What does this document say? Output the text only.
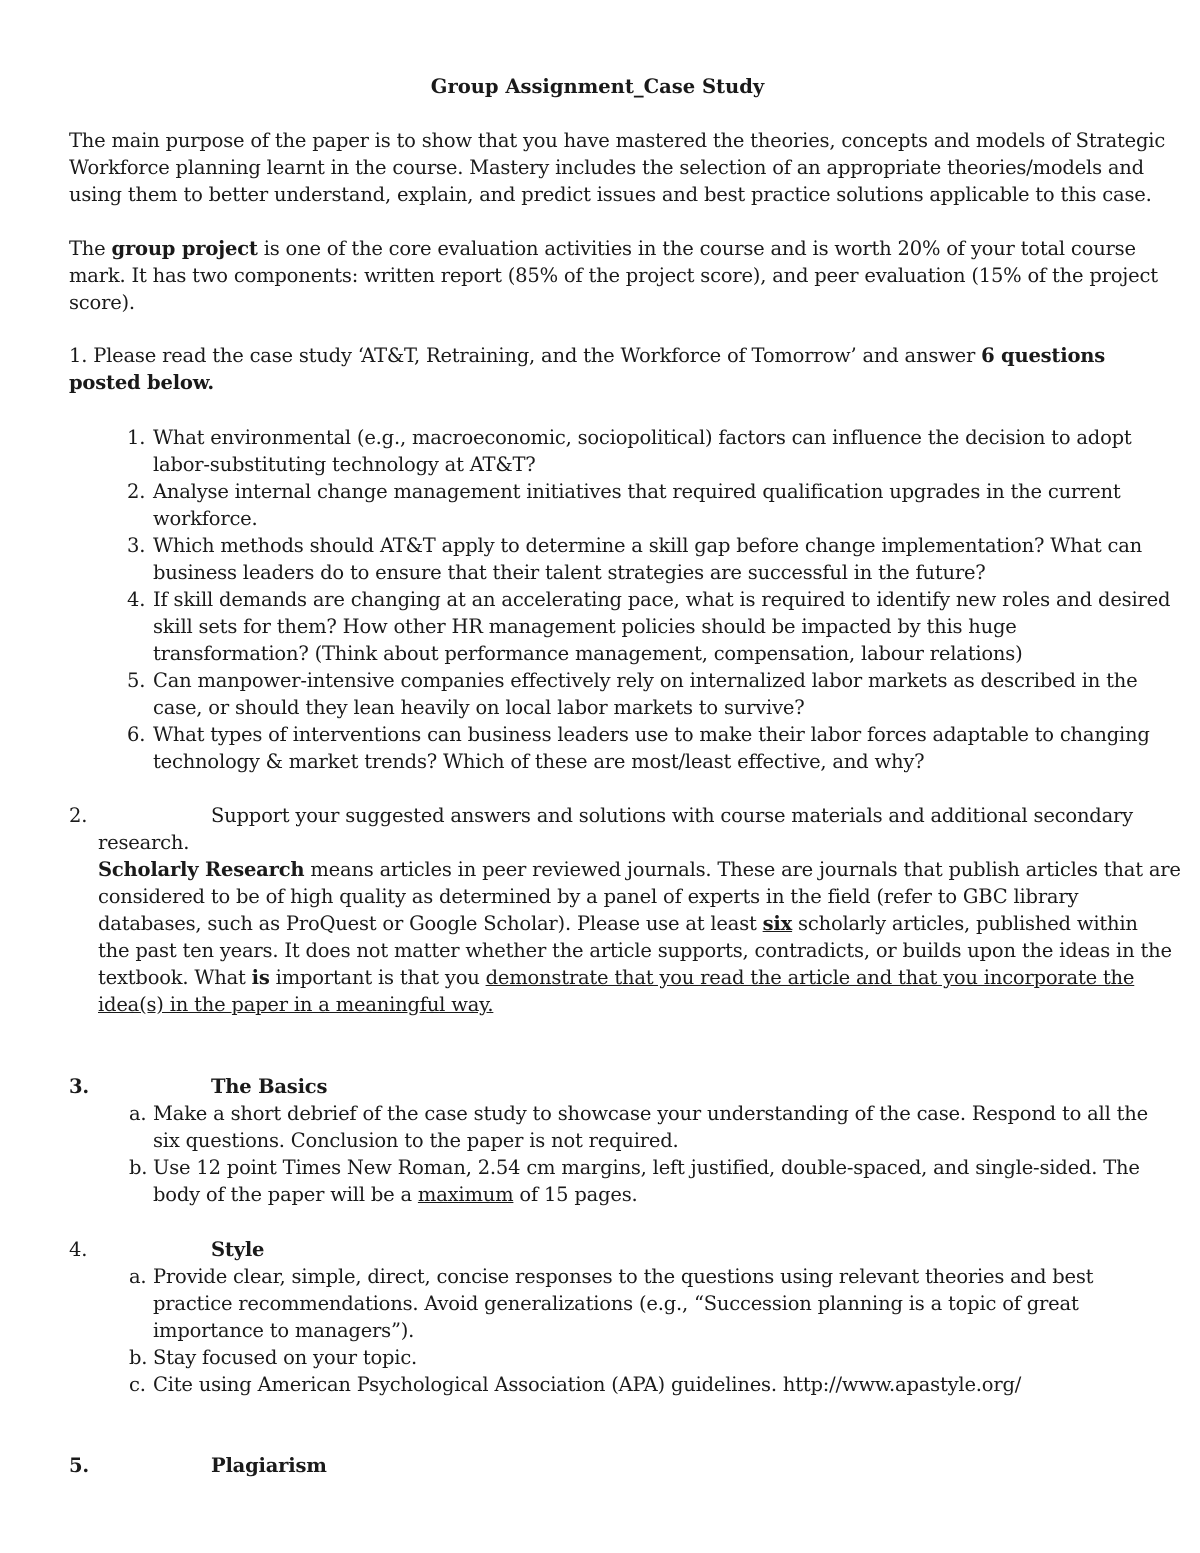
Group Assignment_Case Study
The main purpose of the paper is to show that you have mastered the theories, concepts and models of Strategic
Workforce planning learnt in the course. Mastery includes the selection of an appropriate theories/models and
using them to better understand, explain, and predict issues and best practice solutions applicable to this case.
The group project is one of the core evaluation activities in the course and is worth 20% of your total course
mark. It has two components: written report (85% of the project score), and peer evaluation (15% of the project
score).
1. Please read the case study ‘AT&T, Retraining, and the Workforce of Tomorrow’ and answer 6 questions
posted below.
1. What environmental (e.g., macroeconomic, sociopolitical) factors can influence the decision to adopt
labor-substituting technology at AT&T?
2. Analyse internal change management initiatives that required qualification upgrades in the current
workforce.
3. Which methods should AT&T apply to determine a skill gap before change implementation? What can
business leaders do to ensure that their talent strategies are successful in the future?
4. If skill demands are changing at an accelerating pace, what is required to identify new roles and desired
skill sets for them? How other HR management policies should be impacted by this huge
transformation? (Think about performance management, compensation, labour relations)
5. Can manpower-intensive companies effectively rely on internalized labor markets as described in the
case, or should they lean heavily on local labor markets to survive?
6. What types of interventions can business leaders use to make their labor forces adaptable to changing
technology & market trends? Which of these are most/least effective, and why?
2.	Support your suggested answers and solutions with course materials and additional secondary
research.
Scholarly Research means articles in peer reviewed journals. These are journals that publish articles that are
considered to be of high quality as determined by a panel of experts in the field (refer to GBC library
databases, such as ProQuest or Google Scholar). Please use at least six scholarly articles, published within
the past ten years. It does not matter whether the article supports, contradicts, or builds upon the ideas in the
textbook. What is important is that you demonstrate that you read the article and that you incorporate the
idea(s) in the paper in a meaningful way.
3.	The Basics
a. Make a short debrief of the case study to showcase your understanding of the case. Respond to all the
six questions. Conclusion to the paper is not required.
b. Use 12 point Times New Roman, 2.54 cm margins, left justified, double-spaced, and single-sided. The
body of the paper will be a maximum of 15 pages.
4.	Style
a. Provide clear, simple, direct, concise responses to the questions using relevant theories and best
practice recommendations. Avoid generalizations (e.g., “Succession planning is a topic of great
importance to managers”).
b. Stay focused on your topic.
c. Cite using American Psychological Association (APA) guidelines. http://www.apastyle.org/
5.	Plagiarism
